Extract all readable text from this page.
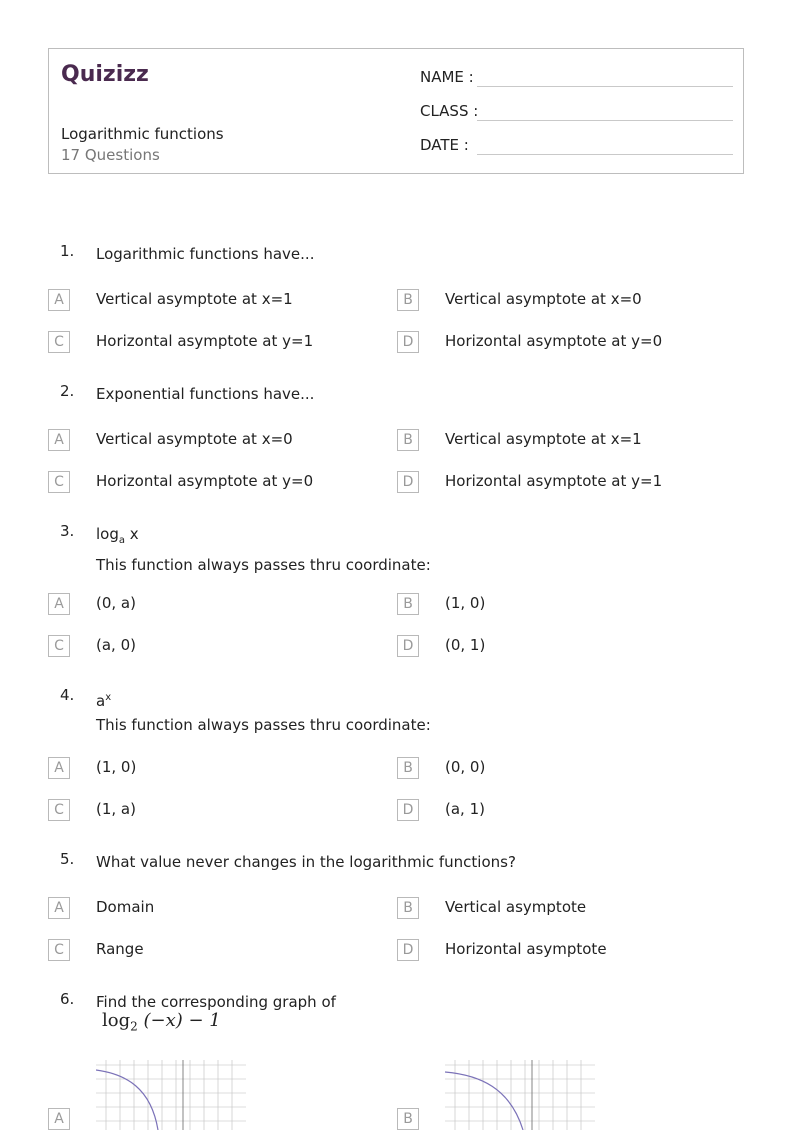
Quizizz
Logarithmic functions
17 Questions
NAME :
CLASS :
DATE :
1. Logarithmic functions have...
A	Vertical asymptote at x=1	B	Vertical asymptote at x=0
C	Horizontal asymptote at y=1	D	Horizontal asymptote at y=0
2. Exponential functions have...
A	Vertical asymptote at x=0	B	Vertical asymptote at x=1
C	Horizontal asymptote at y=0	D	Horizontal asymptote at y=1
3. $\log_a x$
This function always passes thru coordinate:
A	(0, a)	B	(1, 0)
C	(a, 0)	D	(0, 1)
4. $a^x$
This function always passes thru coordinate:
A	(1, 0)	B	(0, 0)
C	(1, a)	D	(a, 1)
5. What value never changes in the logarithmic functions?
A	Domain	B	Vertical asymptote
C	Range	D	Horizontal asymptote
6. Find the corresponding graph of
$\log_2 (-x) - 1$
A	B
